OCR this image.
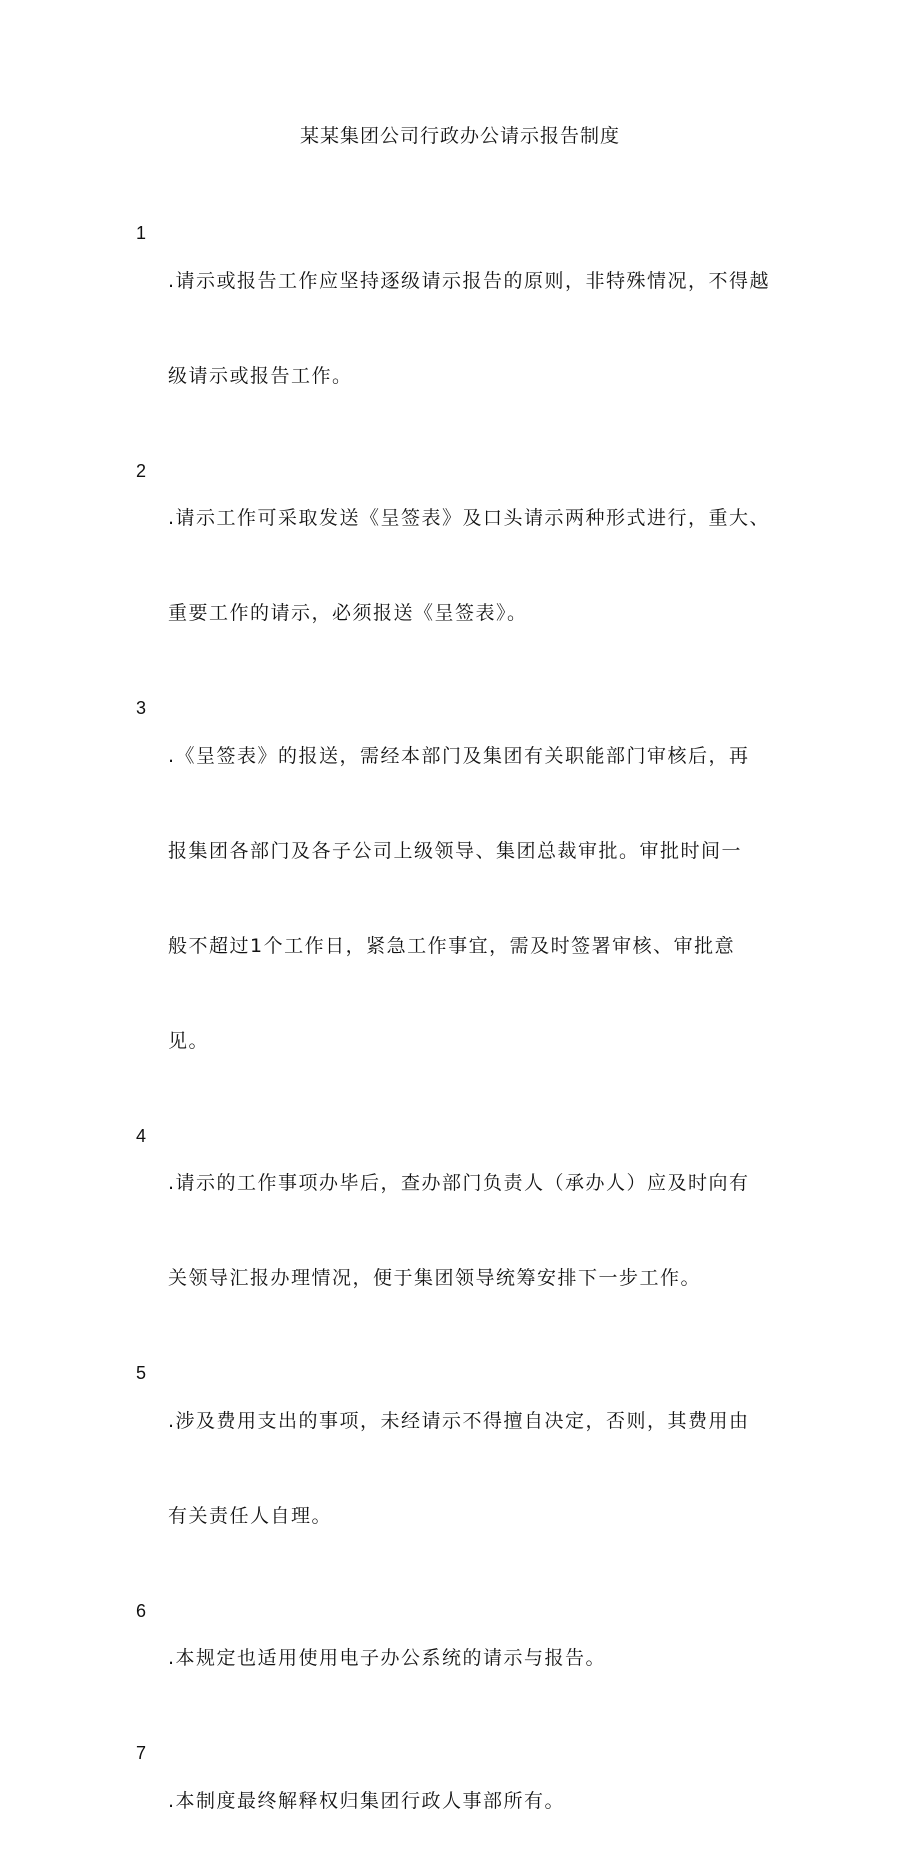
某某集团公司行政办公请示报告制度
1

.请示或报告工作应坚持逐级请示报告的原则，非特殊情况，不得越

级请示或报告工作。

2

.请示工作可采取发送《呈签表》及口头请示两种形式进行，重大、

重要工作的请示，必须报送《呈签表》。

3

.《呈签表》的报送，需经本部门及集团有关职能部门审核后，再

报集团各部门及各子公司上级领导、集团总裁审批。审批时间一

般不超过1个工作日，紧急工作事宜，需及时签署审核、审批意

见。

4

.请示的工作事项办毕后，查办部门负责人（承办人）应及时向有

关领导汇报办理情况，便于集团领导统筹安排下一步工作。

5

.涉及费用支出的事项，未经请示不得擅自决定，否则，其费用由

有关责任人自理。

6

.本规定也适用使用电子办公系统的请示与报告。

7

.本制度最终解释权归集团行政人事部所有。
